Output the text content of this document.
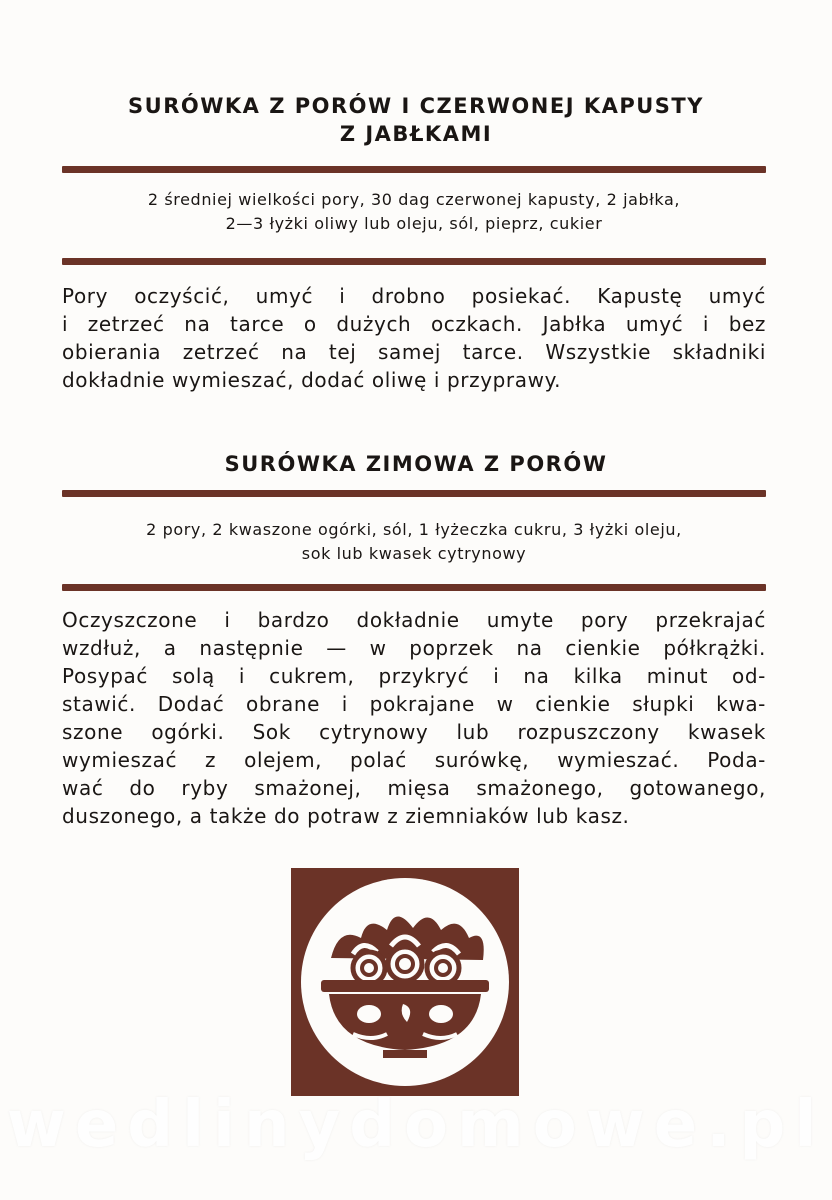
SURÓWKA Z PORÓW I CZERWONEJ KAPUSTY
Z JABŁKAMI

2 średniej wielkości pory, 30 dag czerwonej kapusty, 2 jabłka,
2—3 łyżki oliwy lub oleju, sól, pieprz, cukier

Pory oczyścić, umyć i drobno posiekać. Kapustę umyć
i zetrzeć na tarce o dużych oczkach. Jabłka umyć i bez
obierania zetrzeć na tej samej tarce. Wszystkie składniki
dokładnie wymieszać, dodać oliwę i przyprawy.

SURÓWKA ZIMOWA Z PORÓW

2 pory, 2 kwaszone ogórki, sól, 1 łyżeczka cukru, 3 łyżki oleju,
sok lub kwasek cytrynowy

Oczyszczone i bardzo dokładnie umyte pory przekrajać
wzdłuż, a następnie — w poprzek na cienkie półkrążki.
Posypać solą i cukrem, przykryć i na kilka minut od-
stawić. Dodać obrane i pokrajane w cienkie słupki kwa-
szone ogórki. Sok cytrynowy lub rozpuszczony kwasek
wymieszać z olejem, polać surówkę, wymieszać. Poda-
wać do ryby smażonej, mięsa smażonego, gotowanego,
duszonego, a także do potraw z ziemniaków lub kasz.

wedlinydomowe.pl
